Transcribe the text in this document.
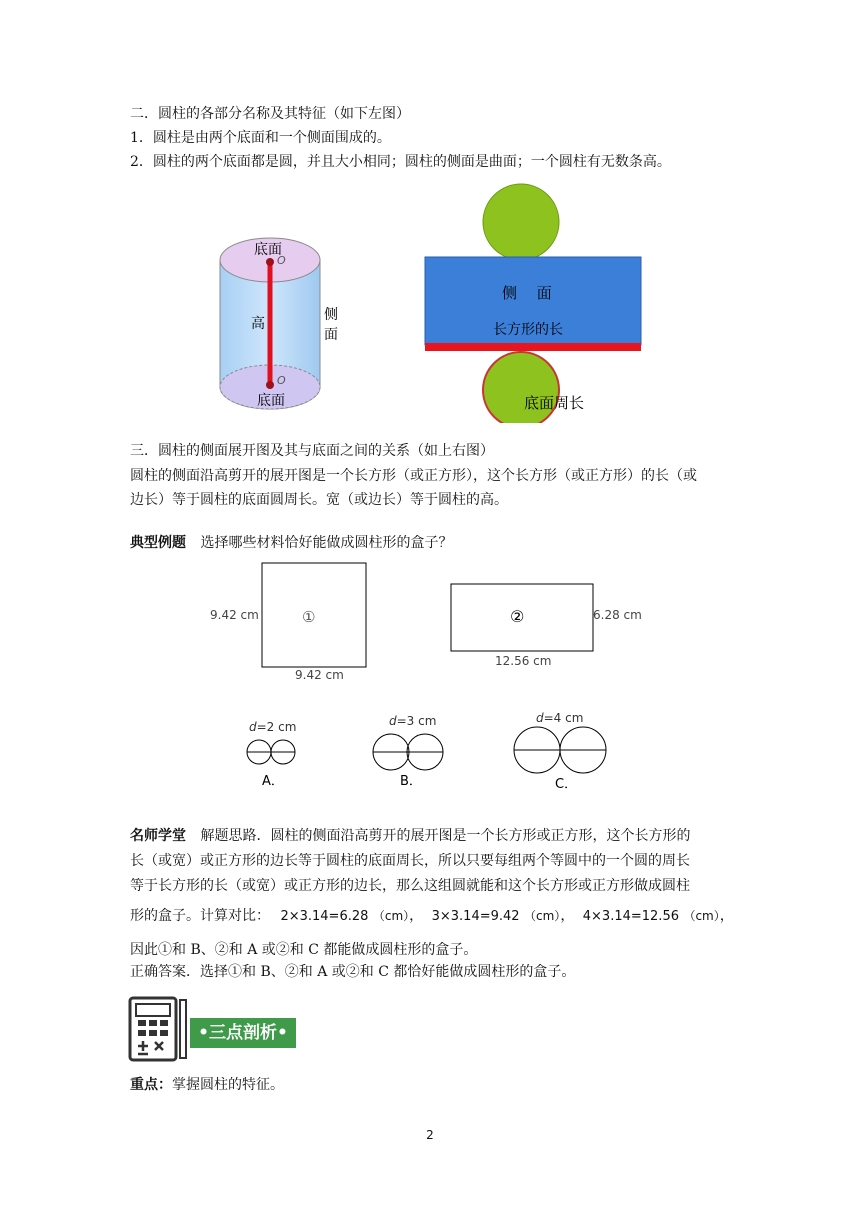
二．圆柱的各部分名称及其特征（如下左图）
1．圆柱是由两个底面和一个侧面围成的。
2．圆柱的两个底面都是圆，并且大小相同；圆柱的侧面是曲面；一个圆柱有无数条高。
底面
O
高
O
底面
侧
面
侧　 面
长方形的长
底面周长
三．圆柱的侧面展开图及其与底面之间的关系（如上右图）
圆柱的侧面沿高剪开的展开图是一个长方形（或正方形），这个长方形（或正方形）的长（或
边长）等于圆柱的底面圆周长。宽（或边长）等于圆柱的高。
典型例题 选择哪些材料恰好能做成圆柱形的盒子？
①
9.42 cm
9.42 cm
②	6.28 cm
12.56 cm
d=2 cm
A．
d=3 cm
B．
d=4 cm
C．
名师学堂 解题思路．圆柱的侧面沿高剪开的展开图是一个长方形或正方形，这个长方形的
长（或宽）或正方形的边长等于圆柱的底面周长，所以只要每组两个等圆中的一个圆的周长
等于长方形的长（或宽）或正方形的边长，那么这组圆就能和这个长方形或正方形做成圆柱
形的盒子。计算对比： 2×3.14=6.28 （cm）， 3×3.14=9.42 （cm）， 4×3.14=12.56 （cm），
因此①和 B、②和 A 或②和 C 都能做成圆柱形的盒子。
正确答案．选择①和 B、②和 A 或②和 C 都恰好能做成圆柱形的盒子。
•三点剖析•
重点：掌握圆柱的特征。
2
